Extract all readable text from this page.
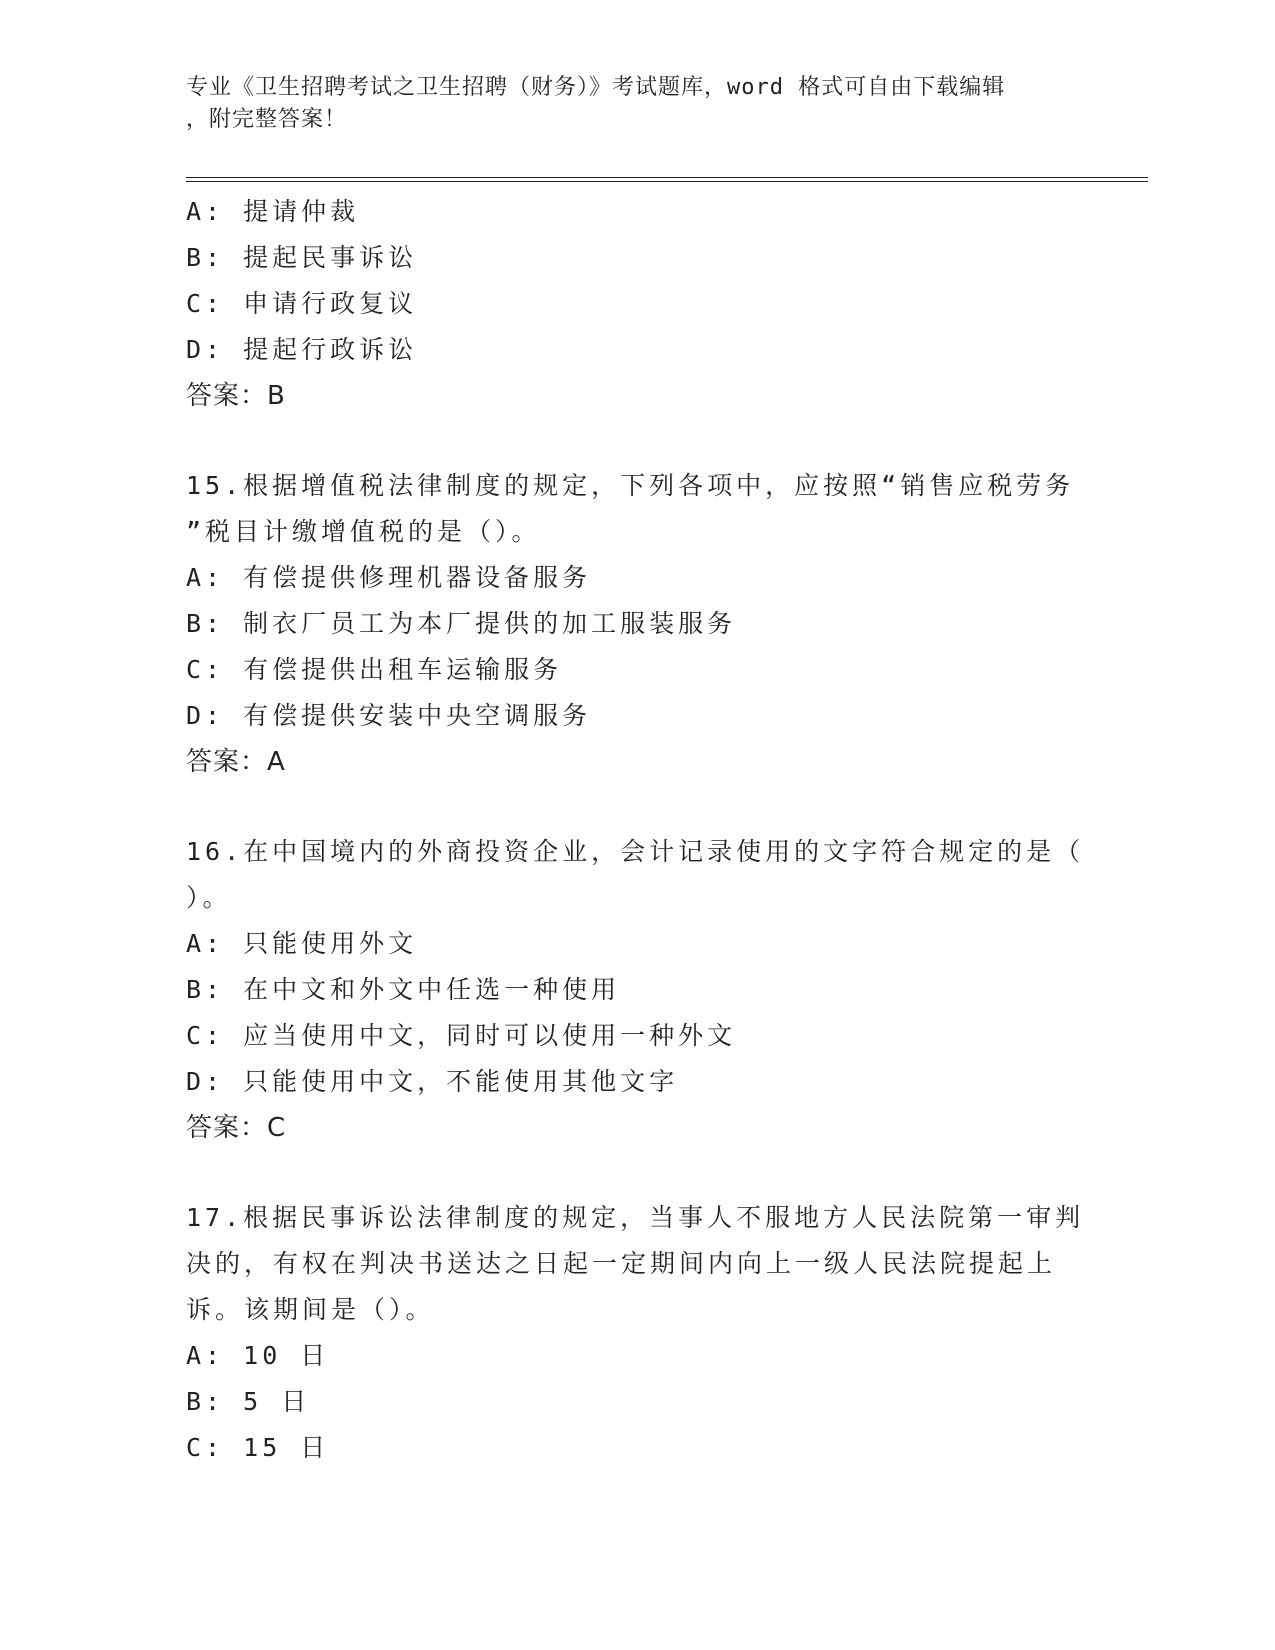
专业《卫生招聘考试之卫生招聘（财务）》考试题库，word 格式可自由下载编辑
，附完整答案！
A: 提请仲裁
B: 提起民事诉讼
C: 申请行政复议
D: 提起行政诉讼
答案：B
15.根据增值税法律制度的规定，下列各项中，应按照“销售应税劳务
”税目计缴增值税的是（）。
A: 有偿提供修理机器设备服务
B: 制衣厂员工为本厂提供的加工服装服务
C: 有偿提供出租车运输服务
D: 有偿提供安装中央空调服务
答案：A
16.在中国境内的外商投资企业，会计记录使用的文字符合规定的是（
）。
A: 只能使用外文
B: 在中文和外文中任选一种使用
C: 应当使用中文，同时可以使用一种外文
D: 只能使用中文，不能使用其他文字
答案：C
17.根据民事诉讼法律制度的规定，当事人不服地方人民法院第一审判
决的，有权在判决书送达之日起一定期间内向上一级人民法院提起上
诉。该期间是（）。
A: 10 日
B: 5 日
C: 15 日
